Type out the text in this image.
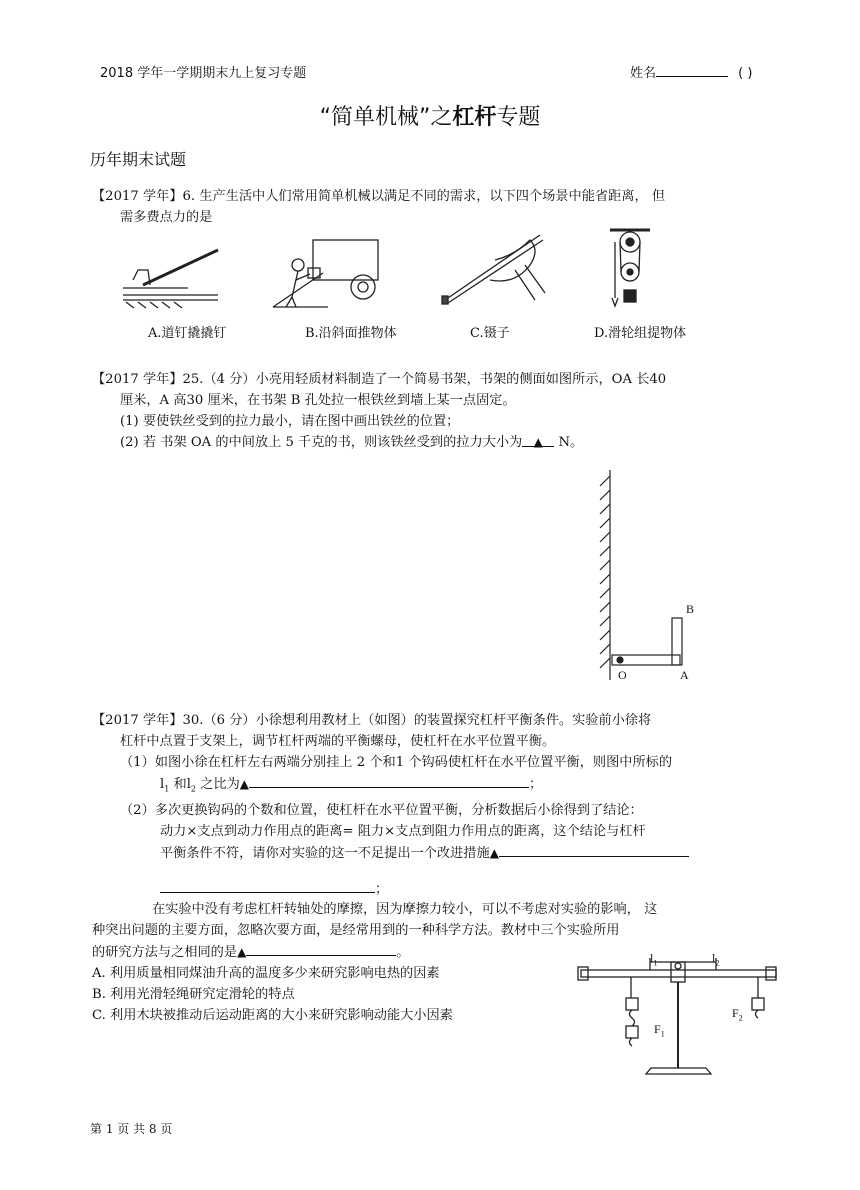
2018 学年一学期期末九上复习专题	姓名	( )
“简单机械”之杠杆专题
历年期末试题

【2017 学年】6. 生产生活中人们常用简单机械以满足不同的需求，以下四个场景中能省距离， 但

需多费点力的是

A.道钉撬撬钉	B.沿斜面推物体	C.镊子	D.滑轮组提物体

【2017 学年】25.（4 分）小亮用轻质材料制造了一个简易书架，书架的侧面如图所示，OA 长40

厘米，A 高30 厘米，在书架 B 孔处拉一根铁丝到墙上某一点固定。

(1) 要使铁丝受到的拉力最小，请在图中画出铁丝的位置；

(2) 若 书架 OA 的中间放上 5 千克的书，则该铁丝受到的拉力大小为 ▲ N。

B
O	A

【2017 学年】30.（6 分）小徐想利用教材上（如图）的装置探究杠杆平衡条件。实验前小徐将

杠杆中点置于支架上，调节杠杆两端的平衡螺母，使杠杆在水平位置平衡。

（1）如图小徐在杠杆左右两端分别挂上 2 个和1 个钩码使杠杆在水平位置平衡，则图中所标的

$l_1$ 和$l_2$ 之比为▲	；

（2）多次更换钩码的个数和位置，使杠杆在水平位置平衡，分析数据后小徐得到了结论：

动力×支点到动力作用点的距离= 阻力×支点到阻力作用点的距离，这个结论与杠杆

平衡条件不符，请你对实验的这一不足提出一个改进措施▲

；

在实验中没有考虑杠杆转轴处的摩擦，因为摩擦力较小，可以不考虑对实验的影响， 这

种突出问题的主要方面，忽略次要方面，是经常用到的一种科学方法。教材中三个实验所用

的研究方法与之相同的是▲	。

A. 利用质量相同煤油升高的温度多少来研究影响电热的因素

B. 利用光滑轻绳研究定滑轮的特点

C. 利用木块被推动后运动距离的大小来研究影响动能大小因素

$l_1$	$l_2$
$F_1$
$F_2$
第 1 页 共 8 页
